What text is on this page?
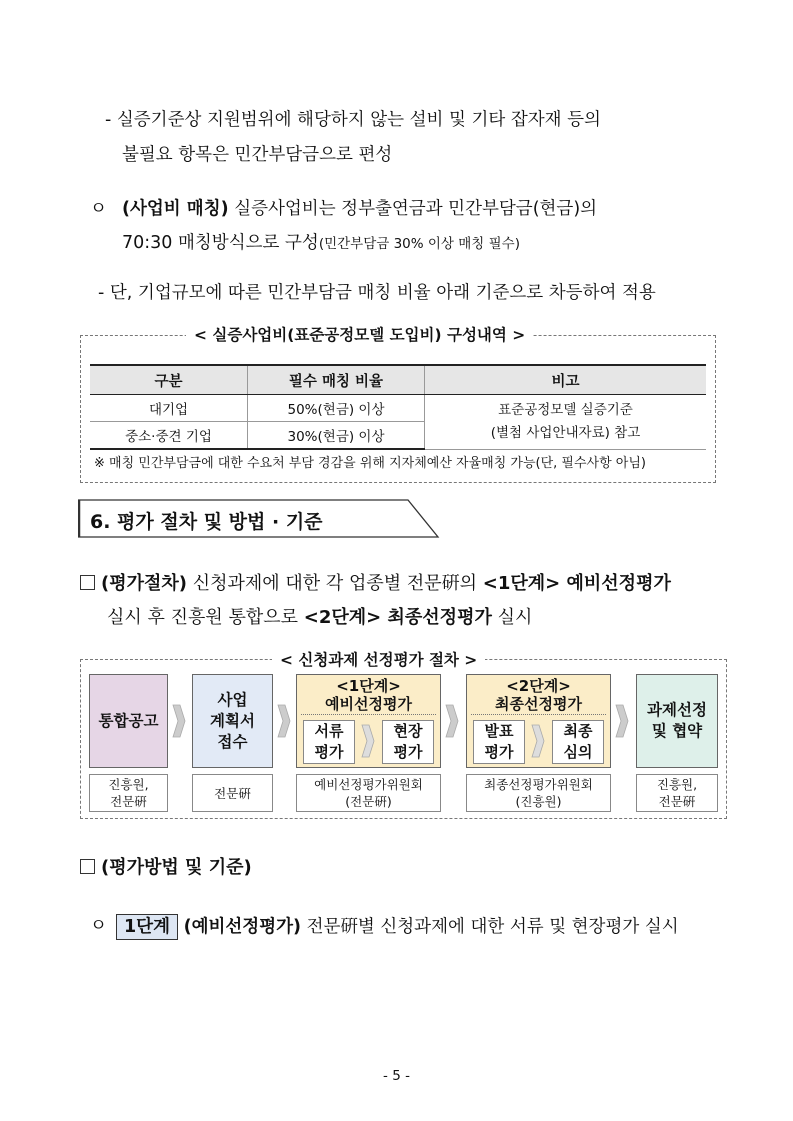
- 실증기준상 지원범위에 해당하지 않는 설비 및 기타 잡자재 등의
불필요 항목은 민간부담금으로 편성
ㅇ (사업비 매칭) 실증사업비는 정부출연금과 민간부담금(현금)의
70:30 매칭방식으로 구성(민간부담금 30% 이상 매칭 필수)
- 단, 기업규모에 따른 민간부담금 매칭 비율 아래 기준으로 차등하여 적용
< 실증사업비(표준공정모델 도입비) 구성내역 >
구분	필수 매칭 비율	비고
대기업	50%(현금) 이상	표준공정모델 실증기준
(별첨 사업안내자료) 참고

중소·중견 기업	30%(현금) 이상	
※ 매칭 민간부담금에 대한 수요처 부담 경감을 위해 지자체예산 자율매칭 가능(단, 필수사항 아님)
6. 평가 절차 및 방법 · 기준
(평가절차) 신청과제에 대한 각 업종별 전문硏의 <1단계> 예비선정평가
실시 후 진흥원 통합으로 <2단계> 최종선정평가 실시
< 신청과제 선정평가 절차 >
통합공고
사업
계획서
접수
<1단계>
예비선정평가
서류
평가
현장
평가
<2단계>
최종선정평가
발표
평가
최종
심의
과제선정
및 협약
진흥원,
전문硏
전문硏
예비선정평가위원회
(전문硏)
최종선정평가위원회
(진흥원)
진흥원,
전문硏
(평가방법 및 기준)
ㅇ 1단계 (예비선정평가) 전문硏별 신청과제에 대한 서류 및 현장평가 실시
- 5 -
